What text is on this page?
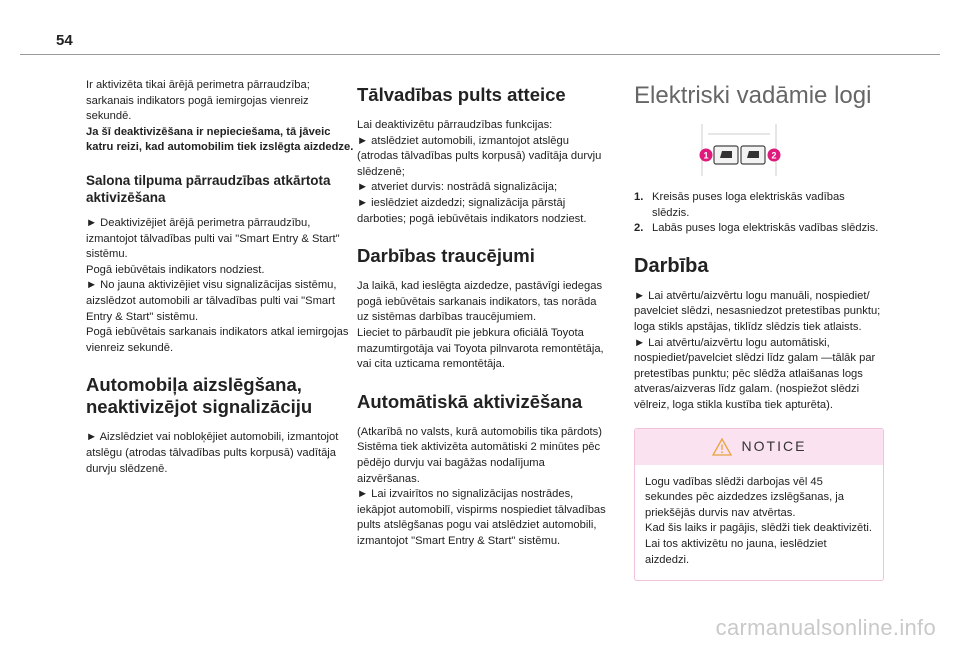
54

Ir aktivizēta tikai ārējā perimetra pārraudzība; sarkanais indikators pogā iemirgojas vienreiz sekundē.

Ja šī deaktivizēšana ir nepieciešama, tā jāveic katru reizi, kad automobilim tiek izslēgta aizdedze.

Salona tilpuma pārraudzības atkārtota aktivizēšana

► Deaktivizējiet ārējā perimetra pārraudzību, izmantojot tālvadības pulti vai "Smart Entry & Start" sistēmu.

Pogā iebūvētais indikators nodziest.

► No jauna aktivizējiet visu signalizācijas sistēmu, aizslēdzot automobili ar tālvadības pulti vai "Smart Entry & Start" sistēmu.

Pogā iebūvētais sarkanais indikators atkal iemirgojas vienreiz sekundē.

Automobiļa aizslēgšana, neaktivizējot signalizāciju

► Aizslēdziet vai nobloķējiet automobili, izmantojot atslēgu (atrodas tālvadības pults korpusā) vadītāja durvju slēdzenē.

Tālvadības pults atteice

Lai deaktivizētu pārraudzības funkcijas:

► atslēdziet automobili, izmantojot atslēgu (atrodas tālvadības pults korpusā) vadītāja durvju slēdzenē;

► atveriet durvis: nostrādā signalizācija;

► ieslēdziet aizdedzi; signalizācija pārstāj darboties; pogā iebūvētais indikators nodziest.

Darbības traucējumi

Ja laikā, kad ieslēgta aizdedze, pastāvīgi iedegas pogā iebūvētais sarkanais indikators, tas norāda uz sistēmas darbības traucējumiem.

Lieciet to pārbaudīt pie jebkura oficiālā Toyota mazumtirgotāja vai Toyota pilnvarota remontētāja, vai cita uzticama remontētāja.

Automātiskā aktivizēšana

(Atkarībā no valsts, kurā automobilis tika pārdots)

Sistēma tiek aktivizēta automātiski 2 minūtes pēc pēdējo durvju vai bagāžas nodalījuma aizvēršanas.

► Lai izvairītos no signalizācijas nostrādes, iekāpjot automobilī, vispirms nospiediet tālvadības pults atslēgšanas pogu vai atslēdziet automobili, izmantojot "Smart Entry & Start" sistēmu.

Elektriski vadāmie logi
1	2
1. Kreisās puses loga elektriskās vadības slēdzis.
2. Labās puses loga elektriskās vadības slēdzis.
Darbība

► Lai atvērtu/aizvērtu logu manuāli, nospiediet/ pavelciet slēdzi, nesasniedzot pretestības punktu; loga stikls apstājas, tiklīdz slēdzis tiek atlaists.

► Lai atvērtu/aizvērtu logu automātiski, nospiediet/pavelciet slēdzi līdz galam —tālāk par pretestības punktu; pēc slēdža atlaišanas logs atveras/aizveras līdz galam. (nospiežot slēdzi vēlreiz, loga stikla kustība tiek apturēta).

NOTICE

Logu vadības slēdži darbojas vēl 45 sekundes pēc aizdedzes izslēgšanas, ja priekšējās durvis nav atvērtas.

Kad šis laiks ir pagājis, slēdži tiek deaktivizēti.

Lai tos aktivizētu no jauna, ieslēdziet aizdedzi.

carmanualsonline.info
